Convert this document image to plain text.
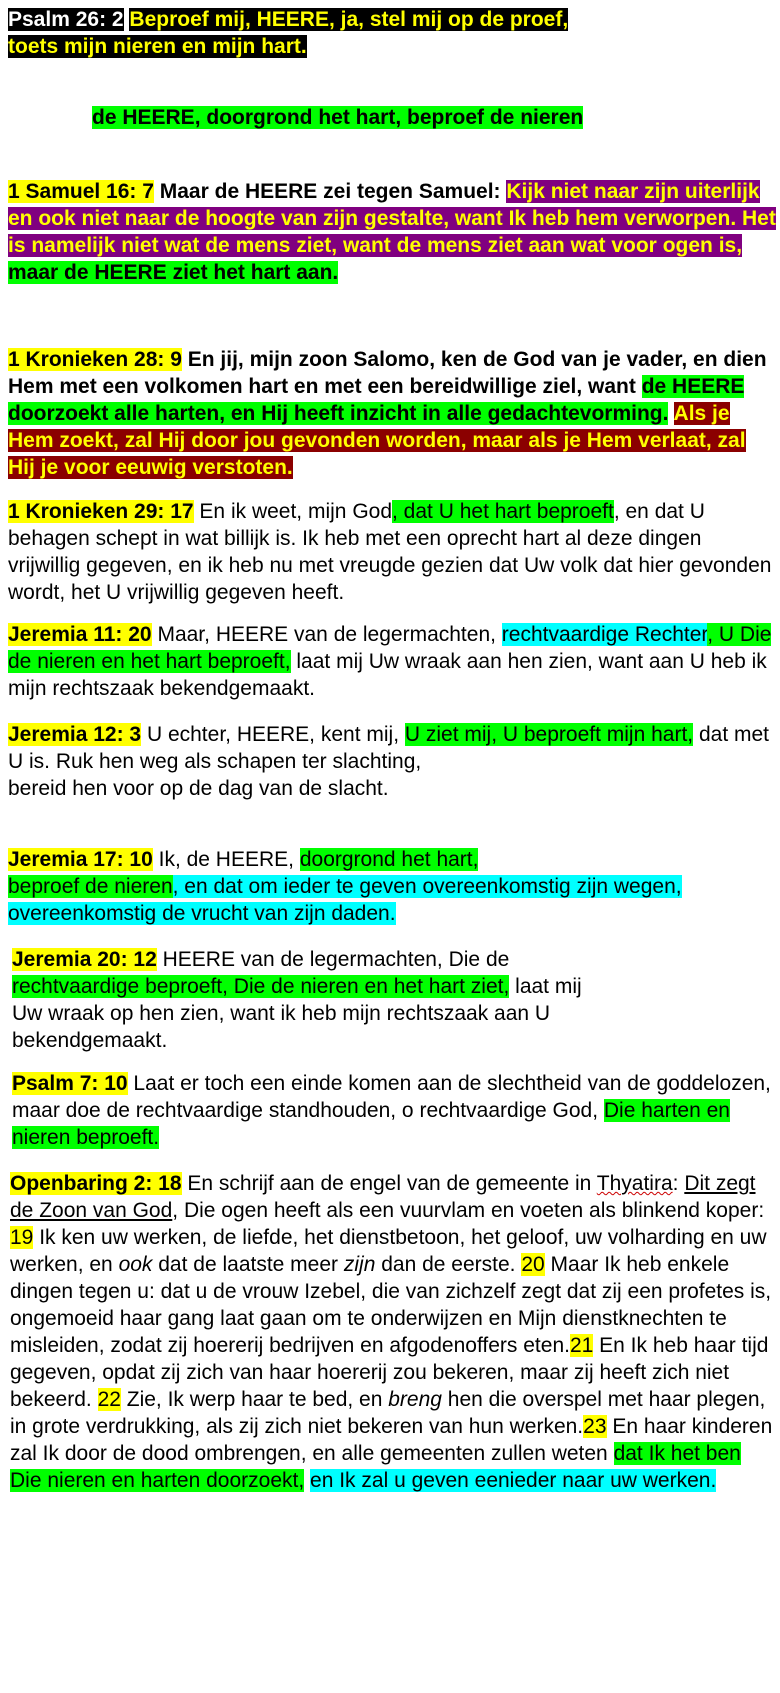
Psalm 26: 2 Beproef mij, HEERE, ja, stel mij op de proef,
toets mijn nieren en mijn hart.
de HEERE, doorgrond het hart, beproef de nieren
1 Samuel 16: 7 Maar de HEERE zei tegen Samuel: Kijk niet naar zijn uiterlijk en ook niet naar de hoogte van zijn gestalte, want Ik heb hem verworpen. Het is namelijk niet wat de mens ziet, want de mens ziet aan wat voor ogen is, maar de HEERE ziet het hart aan.
1 Kronieken 28: 9 En jij, mijn zoon Salomo, ken de God van je vader, en dien Hem met een volkomen hart en met een bereidwillige ziel, want de HEERE doorzoekt alle harten, en Hij heeft inzicht in alle gedachtevorming. Als je Hem zoekt, zal Hij door jou gevonden worden, maar als je Hem verlaat, zal Hij je voor eeuwig verstoten.
1 Kronieken 29: 17 En ik weet, mijn God, dat U het hart beproeft, en dat U behagen schept in wat billijk is. Ik heb met een oprecht hart al deze dingen vrijwillig gegeven, en ik heb nu met vreugde gezien dat Uw volk dat hier gevonden wordt, het U vrijwillig gegeven heeft.
Jeremia 11: 20 Maar, HEERE van de legermachten, rechtvaardige Rechter, U Die de nieren en het hart beproeft, laat mij Uw wraak aan hen zien, want aan U heb ik mijn rechtszaak bekendgemaakt.
Jeremia 12: 3 U echter, HEERE, kent mij, U ziet mij, U beproeft mijn hart, dat met U is. Ruk hen weg als schapen ter slachting,
bereid hen voor op de dag van de slacht.
Jeremia 17: 10 Ik, de HEERE, doorgrond het hart,
beproef de nieren, en dat om ieder te geven overeenkomstig zijn wegen, overeenkomstig de vrucht van zijn daden.
Jeremia 20: 12 HEERE van de legermachten, Die de
rechtvaardige beproeft, Die de nieren en het hart ziet, laat mij
Uw wraak op hen zien, want ik heb mijn rechtszaak aan U
bekendgemaakt.
Psalm 7: 10 Laat er toch een einde komen aan de slechtheid van de goddelozen, maar doe de rechtvaardige standhouden, o rechtvaardige God, Die harten en nieren beproeft.
Openbaring 2: 18 En schrijf aan de engel van de gemeente in Thyatira: Dit zegt de Zoon van God, Die ogen heeft als een vuurvlam en voeten als blinkend koper: 19 Ik ken uw werken, de liefde, het dienstbetoon, het geloof, uw volharding en uw werken, en ook dat de laatste meer zijn dan de eerste. 20 Maar Ik heb enkele dingen tegen u: dat u de vrouw Izebel, die van zichzelf zegt dat zij een profetes is, ongemoeid haar gang laat gaan om te onderwijzen en Mijn dienstknechten te misleiden, zodat zij hoererij bedrijven en afgodenoffers eten.21 En Ik heb haar tijd gegeven, opdat zij zich van haar hoererij zou bekeren, maar zij heeft zich niet bekeerd. 22 Zie, Ik werp haar te bed, en breng hen die overspel met haar plegen, in grote verdrukking, als zij zich niet bekeren van hun werken.23 En haar kinderen zal Ik door de dood ombrengen, en alle gemeenten zullen weten dat Ik het ben Die nieren en harten doorzoekt, en Ik zal u geven eenieder naar uw werken.
